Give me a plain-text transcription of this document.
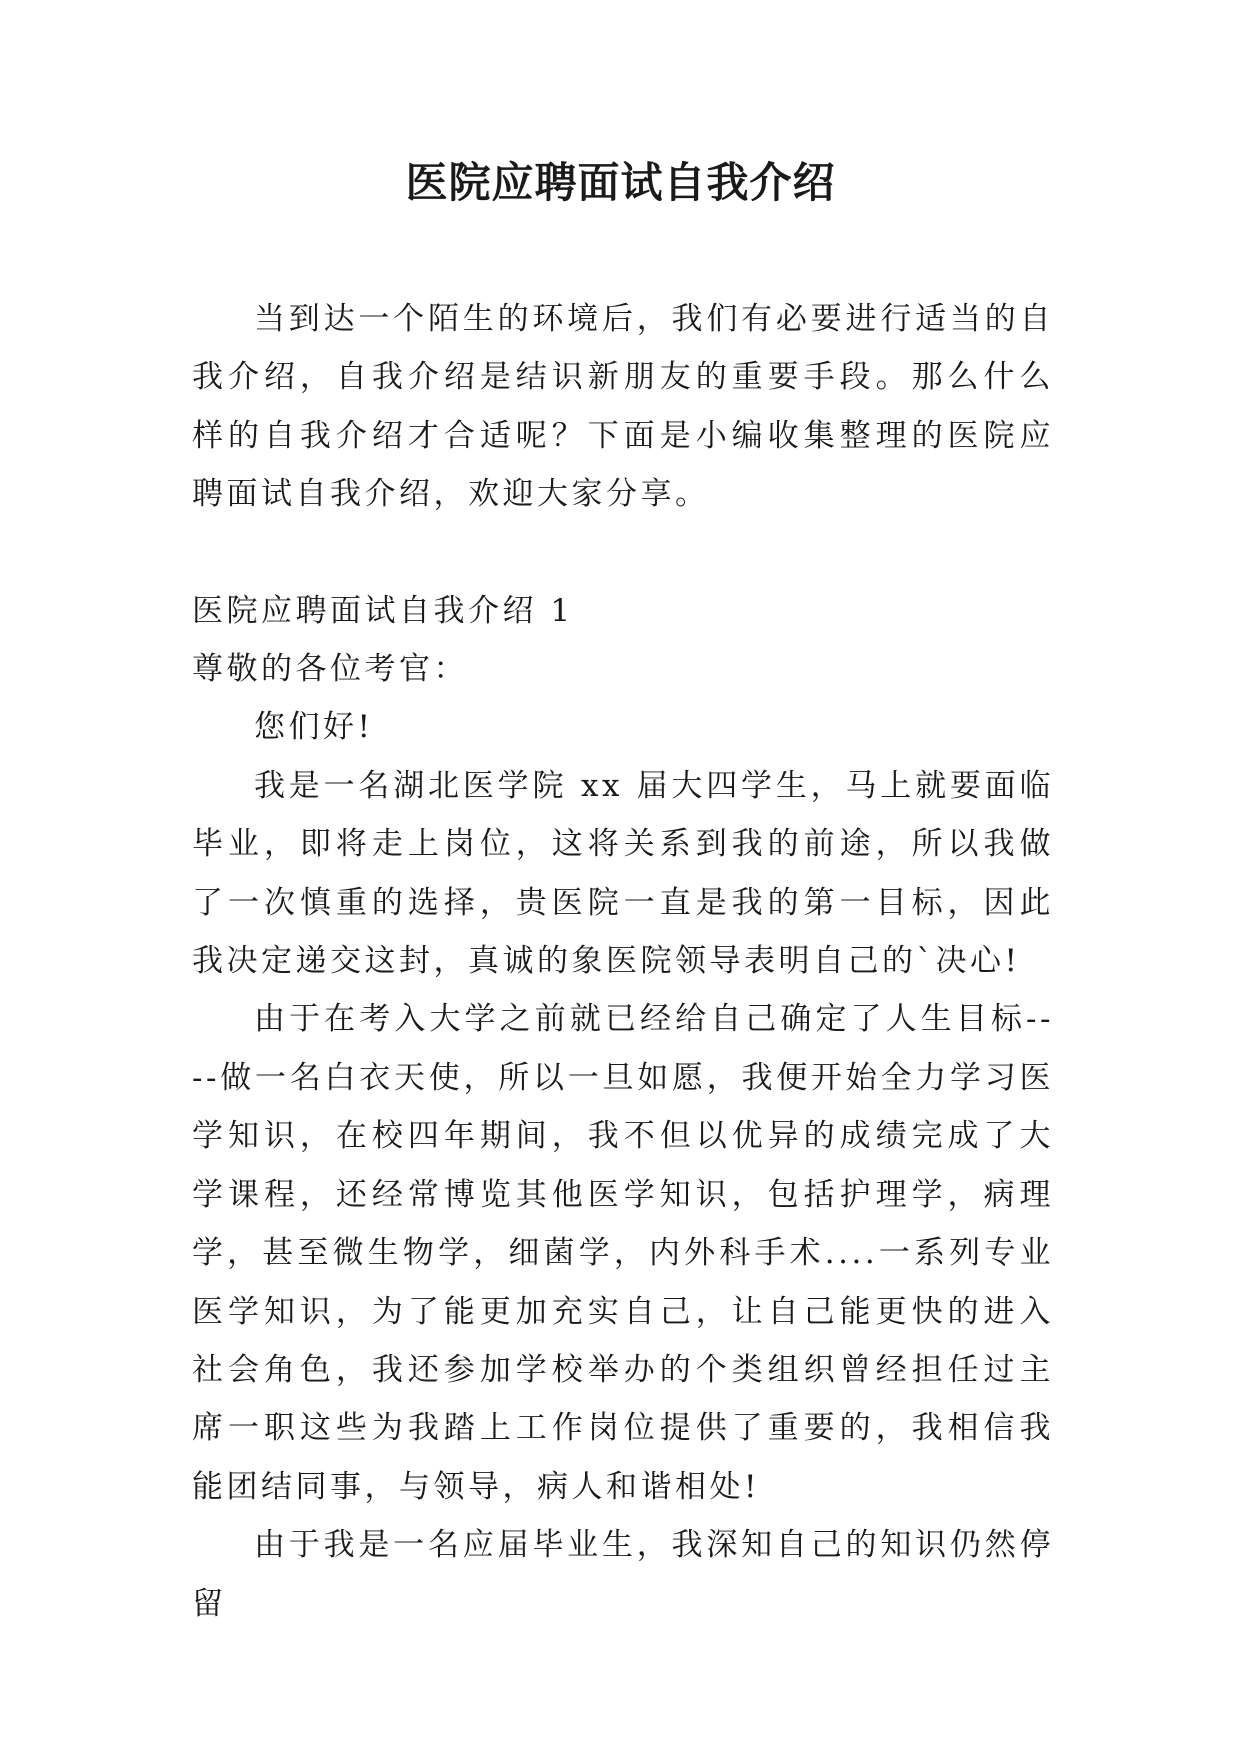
医院应聘面试自我介绍

当到达一个陌生的环境后，我们有必要进行适当的自我介绍，自我介绍是结识新朋友的重要手段。那么什么样的自我介绍才合适呢？下面是小编收集整理的医院应聘面试自我介绍，欢迎大家分享。

医院应聘面试自我介绍 1

尊敬的各位考官：

您们好!

我是一名湖北医学院 xx 届大四学生，马上就要面临毕业，即将走上岗位，这将关系到我的前途，所以我做了一次慎重的选择，贵医院一直是我的第一目标，因此我决定递交这封，真诚的象医院领导表明自己的`决心!

由于在考入大学之前就已经给自己确定了人生目标----做一名白衣天使，所以一旦如愿，我便开始全力学习医学知识，在校四年期间，我不但以优异的成绩完成了大学课程，还经常博览其他医学知识，包括护理学，病理学，甚至微生物学，细菌学，内外科手术....一系列专业医学知识，为了能更加充实自己，让自己能更快的进入社会角色，我还参加学校举办的个类组织曾经担任过主席一职这些为我踏上工作岗位提供了重要的，我相信我能团结同事，与领导，病人和谐相处!

由于我是一名应届毕业生，我深知自己的知识仍然停留
